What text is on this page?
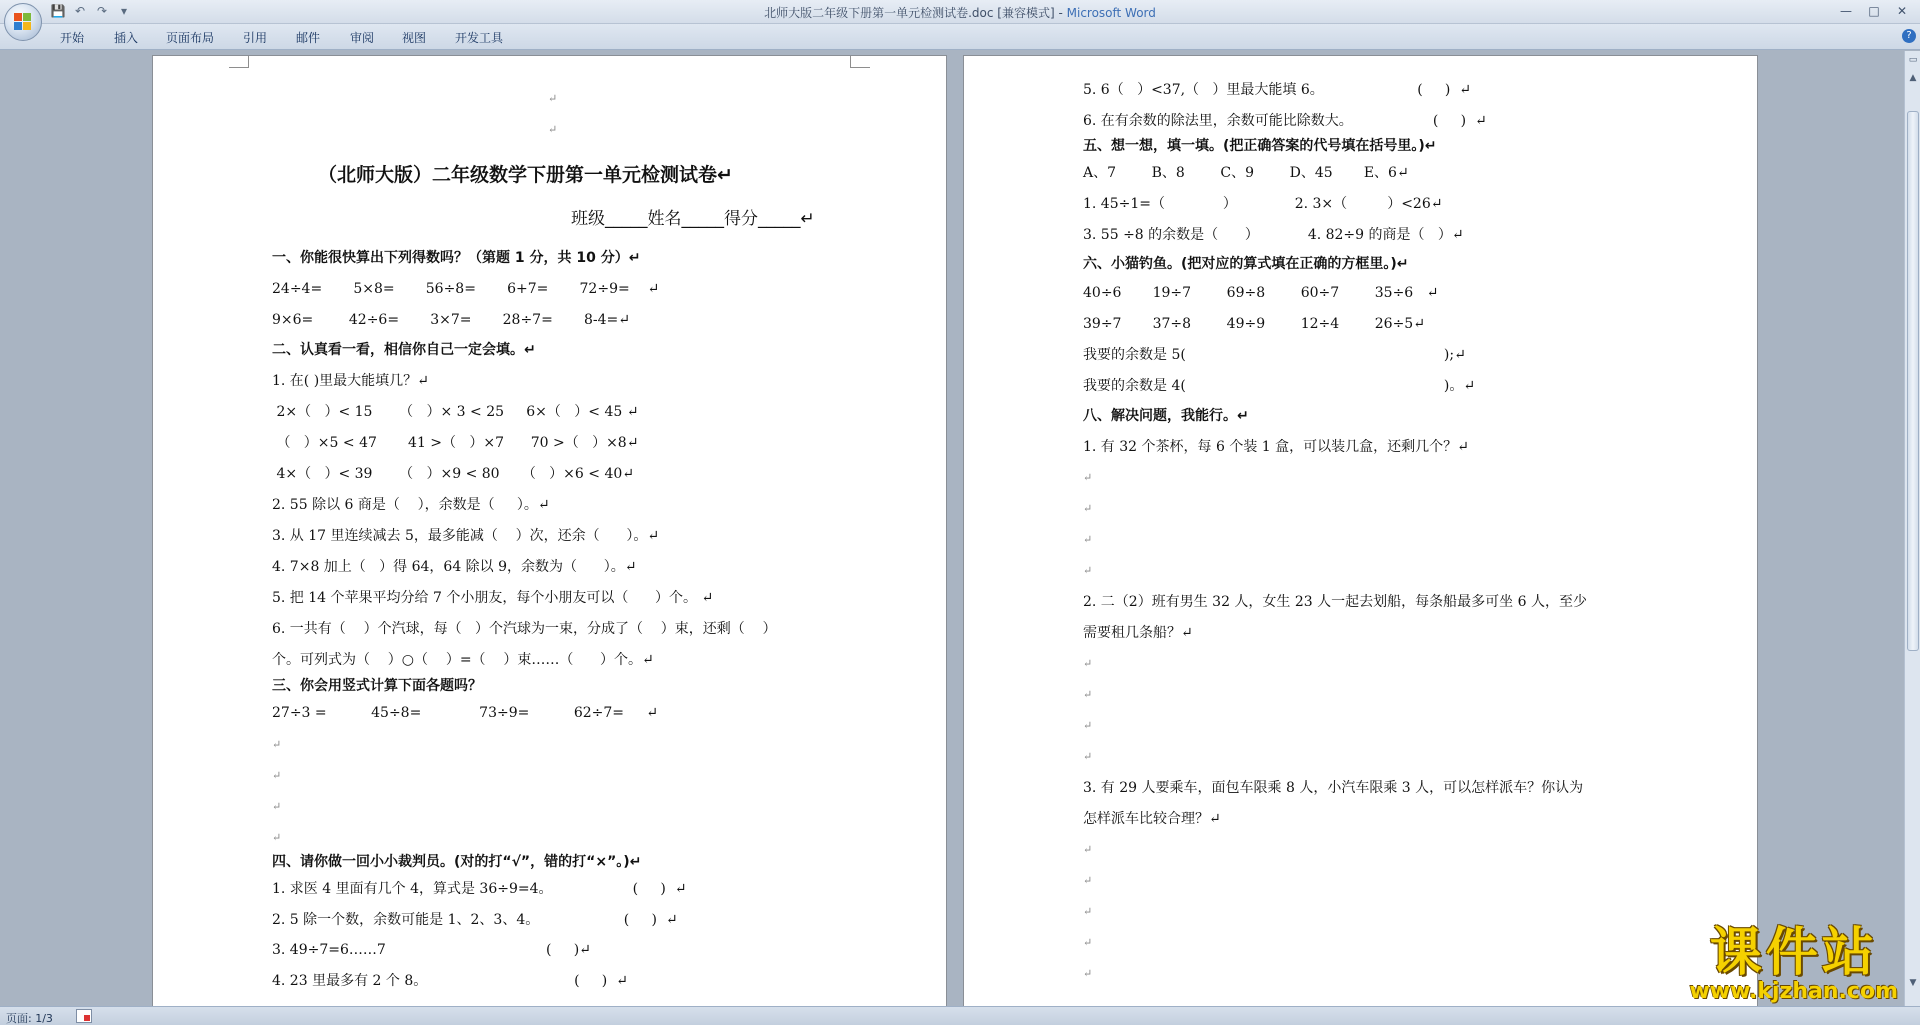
💾 ↶ ↷	▾	北师大版二年级下册第一单元检测试卷.doc [兼容模式] - Microsoft Word	—	□	✕
开始 插入 页面布局 引用 邮件 审阅 视图 开发工具	?
↵
↵
（北师大版）二年级数学下册第一单元检测试卷↵
班级_____姓名_____得分_____↵
一、你能很快算出下列得数吗？（第题 1 分，共 10 分）↵
24÷4=       5×8=       56÷8=       6+7=       72÷9=    ↵
9×6=        42÷6=       3×7=       28÷7=       8-4=↵
二、认真看一看，相信你自己一定会填。↵
1. 在( )里最大能填几？↵
2×（   ）< 15      （   ）× 3 < 25     6×（   ）< 45 ↵
（   ）×5 < 47       41 >（   ）×7      70 >（   ）×8↵
4×（   ）< 39      （   ）×9 < 80     （   ）×6 < 40↵
2. 55 除以 6 商是（    ），余数是（     ）。↵
3. 从 17 里连续减去 5，最多能减（    ）次，还余（      ）。↵
4. 7×8 加上（   ）得 64，64 除以 9，余数为（      ）。↵
5. 把 14 个苹果平均分给 7 个小朋友，每个小朋友可以（      ）个。 ↵
6. 一共有（    ）个汽球，每（   ）个汽球为一束，分成了（    ）束，还剩（    ）
个。可列式为（    ）○（    ）=（    ）束……（      ）个。↵
三、你会用竖式计算下面各题吗？
27÷3 =          45÷8=             73÷9=          62÷7=     ↵
↵
↵
↵
↵
四、请你做一回小小裁判员。(对的打“√”，错的打“×”。)↵
1. 求医 4 里面有几个 4，算式是 36÷9=4。                  (     )  ↵
2. 5 除一个数，余数可能是 1、2、3、4。                   (     )  ↵
3. 49÷7=6……7                                    (     )↵
4. 23 里最多有 2 个 8。                                 (     )  ↵
5. 6（   ）<37,（   ）里最大能填 6。                     (     )  ↵
6. 在有余数的除法里，余数可能比除数大。                  (     )  ↵
五、想一想，填一填。(把正确答案的代号填在括号里。)↵
A、7        B、8        C、9        D、45       E、6↵
1. 45÷1=（             ）             2. 3×（         ）<26↵
3. 55 ÷8 的余数是（      ）           4. 82÷9 的商是（   ）↵
六、小猫钓鱼。(把对应的算式填在正确的方框里。)↵
40÷6       19÷7        69÷8        60÷7        35÷6   ↵
39÷7       37÷8        49÷9        12÷4        26÷5↵
我要的余数是 5(                                                          );↵
我要的余数是 4(                                                          )。↵
八、解决问题，我能行。↵
1. 有 32 个茶杯，每 6 个装 1 盒，可以装几盒，还剩几个？↵
↵
↵
↵
↵
2. 二（2）班有男生 32 人，女生 23 人一起去划船，每条船最多可坐 6 人，至少
需要租几条船？↵
↵
↵
↵
↵
3. 有 29 人要乘车，面包车限乘 8 人，小汽车限乘 3 人，可以怎样派车？你认为
怎样派车比较合理？↵
↵
↵
↵
↵
↵
▭
▲
▼
课件站
www.kjzhan.com
页面: 1/3
